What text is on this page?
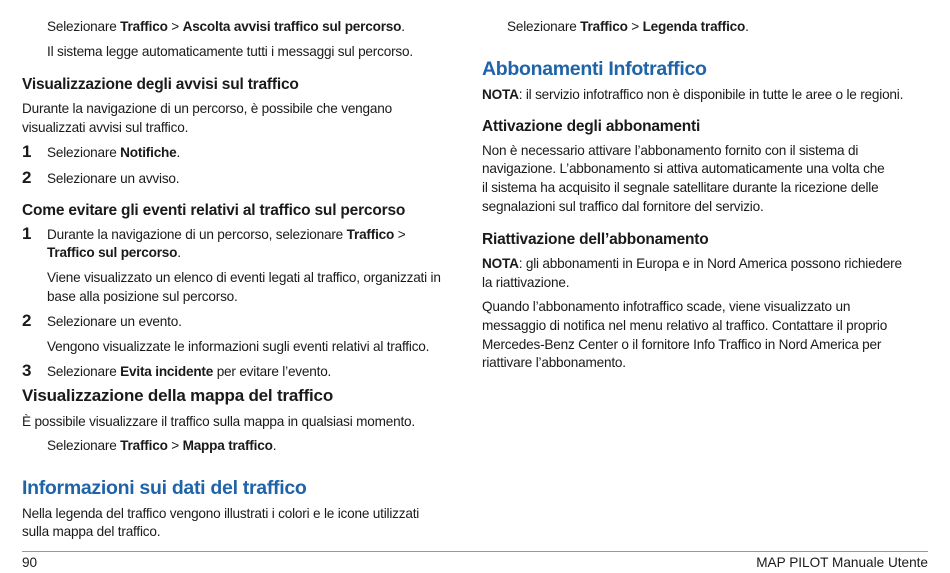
Selezionare Traffico > Ascolta avvisi traffico sul percorso.
Il sistema legge automaticamente tutti i messaggi sul percorso.
Visualizzazione degli avvisi sul traffico
Durante la navigazione di un percorso, è possibile che vengano
visualizzati avvisi sul traffico.
1 Selezionare Notifiche.
2 Selezionare un avviso.
Come evitare gli eventi relativi al traffico sul percorso
1 Durante la navigazione di un percorso, selezionare Traffico >
Traffico sul percorso.
Viene visualizzato un elenco di eventi legati al traffico, organizzati in
base alla posizione sul percorso.
2 Selezionare un evento.
Vengono visualizzate le informazioni sugli eventi relativi al traffico.
3 Selezionare Evita incidente per evitare l’evento.
Visualizzazione della mappa del traffico
È possibile visualizzare il traffico sulla mappa in qualsiasi momento.
Selezionare Traffico > Mappa traffico.
Informazioni sui dati del traffico
Nella legenda del traffico vengono illustrati i colori e le icone utilizzati
sulla mappa del traffico.
Selezionare Traffico > Legenda traffico.
Abbonamenti Infotraffico
NOTA: il servizio infotraffico non è disponibile in tutte le aree o le regioni.
Attivazione degli abbonamenti
Non è necessario attivare l’abbonamento fornito con il sistema di
navigazione. L’abbonamento si attiva automaticamente una volta che
il sistema ha acquisito il segnale satellitare durante la ricezione delle
segnalazioni sul traffico dal fornitore del servizio.
Riattivazione dell’abbonamento
NOTA: gli abbonamenti in Europa e in Nord America possono richiedere
la riattivazione.
Quando l’abbonamento infotraffico scade, viene visualizzato un
messaggio di notifica nel menu relativo al traffico. Contattare il proprio
Mercedes-Benz Center o il fornitore Info Traffico in Nord America per
riattivare l’abbonamento.
90	MAP PILOT Manuale Utente
